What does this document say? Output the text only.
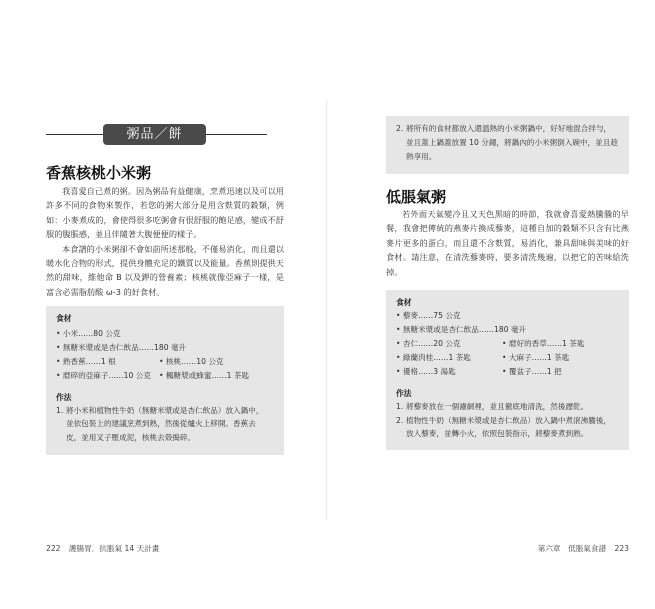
粥品／餅
香蕉核桃小米粥

我喜愛自己煮的粥。因為粥品有益健康，烹煮迅速以及可以用許多不同的食物來製作，若您的粥大部分是用含麩質的穀類，例如：小麥煮成的，會使得很多吃粥會有很舒服的飽足感，變成不舒服的腹脹感，並且伴隨著大腹便便的樣子。

本食譜的小米粥卻不會如前所述那般，不僅易消化，而且還以暖水化合物的形式，提供身體充足的鐵質以及能量。香蕉則提供天然的甜味，維他命 B 以及鉀的營養素；核桃就像亞麻子一樣，是富含必需脂肪酸 ω-3 的好食材。

食材
• 小米……80 公克
• 無糖米漿或是杏仁飲品……180 毫升
• 熟香蕉……1 根	• 核桃……10 公克
• 磨碎的亞麻子……10 公克 • 楓糖漿或蜂蜜……1 茶匙
作法
1. 將小米和植物性牛奶（無糖米漿或是杏仁飲品）放入鍋中，並依包裝上的建議烹煮到熟，然後從爐火上移開。香蕉去皮，並用叉子壓成泥，核桃去殼搗碎。
222 護腸胃．抗脹氣 14 天計畫
2. 將所有的食材都放入還溫熱的小米粥鍋中，好好地混合拌勻，並且蓋上鍋蓋放置 10 分鐘，將鍋內的小米粥倒入碗中，並且趁熱享用。
低脹氣粥

若外面天氣變冷且又天色黑暗的時節，我就會喜愛熱騰騰的早餐，我會把傳統的燕麥片換成藜麥，這種自加的穀類不只含有比燕麥片更多的蛋白，而且還不含麩質，易消化，兼具甜味與美味的好食材。請注意，在清洗藜麥時，要多清洗幾遍，以把它的苦味給洗掉。

食材
• 藜麥……75 公克
• 無糖米漿或是杏仁飲品……180 毫升
• 杏仁……20 公克	• 磨好的香草……1 茶匙
• 綠蘭肉桂……1 茶匙	• 大麻子……1 茶匙
• 優格……3 湯匙	• 覆盆子……1 把
作法
1. 將藜麥放在一個濾網裡，並且徹底地清洗，然後瀝乾。
2. 植物性牛奶（無糖米漿或是杏仁飲品）放入鍋中煮滾沸騰後，放入藜麥，並轉小火，依照包裝指示，將藜麥煮到熟。
第六章　低脹氣食譜 223
